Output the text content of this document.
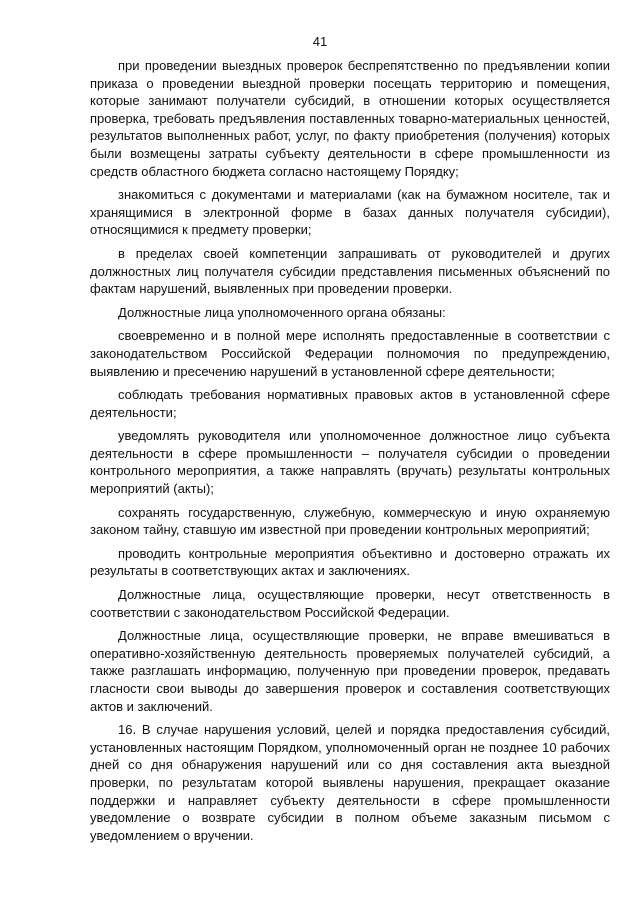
41

при проведении выездных проверок беспрепятственно по предъявлении копии приказа о проведении выездной проверки посещать территорию и помещения, которые занимают получатели субсидий, в отношении которых осуществляется проверка, требовать предъявления поставленных товарно-материальных ценностей, результатов выполненных работ, услуг, по факту приобретения (получения) которых были возмещены затраты субъекту деятельности в сфере промышленности из средств областного бюджета согласно настоящему Порядку;

знакомиться с документами и материалами (как на бумажном носителе, так и хранящимися в электронной форме в базах данных получателя субсидии), относящимися к предмету проверки;

в пределах своей компетенции запрашивать от руководителей и других должностных лиц получателя субсидии представления письменных объяснений по фактам нарушений, выявленных при проведении проверки.

Должностные лица уполномоченного органа обязаны:

своевременно и в полной мере исполнять предоставленные в соответствии с законодательством Российской Федерации полномочия по предупреждению, выявлению и пресечению нарушений в установленной сфере деятельности;

соблюдать требования нормативных правовых актов в установленной сфере деятельности;

уведомлять руководителя или уполномоченное должностное лицо субъекта деятельности в сфере промышленности – получателя субсидии о проведении контрольного мероприятия, а также направлять (вручать) результаты контрольных мероприятий (акты);

сохранять государственную, служебную, коммерческую и иную охраняемую законом тайну, ставшую им известной при проведении контрольных мероприятий;

проводить контрольные мероприятия объективно и достоверно отражать их результаты в соответствующих актах и заключениях.

Должностные лица, осуществляющие проверки, несут ответственность в соответствии с законодательством Российской Федерации.

Должностные лица, осуществляющие проверки, не вправе вмешиваться в оперативно-хозяйственную деятельность проверяемых получателей субсидий, а также разглашать информацию, полученную при проведении проверок, предавать гласности свои выводы до завершения проверок и составления соответствующих актов и заключений.

16. В случае нарушения условий, целей и порядка предоставления субсидий, установленных настоящим Порядком, уполномоченный орган не позднее 10 рабочих дней со дня обнаружения нарушений или со дня составления акта выездной проверки, по результатам которой выявлены нарушения, прекращает оказание поддержки и направляет субъекту деятельности в сфере промышленности уведомление о возврате субсидии в полном объеме заказным письмом с уведомлением о вручении.
